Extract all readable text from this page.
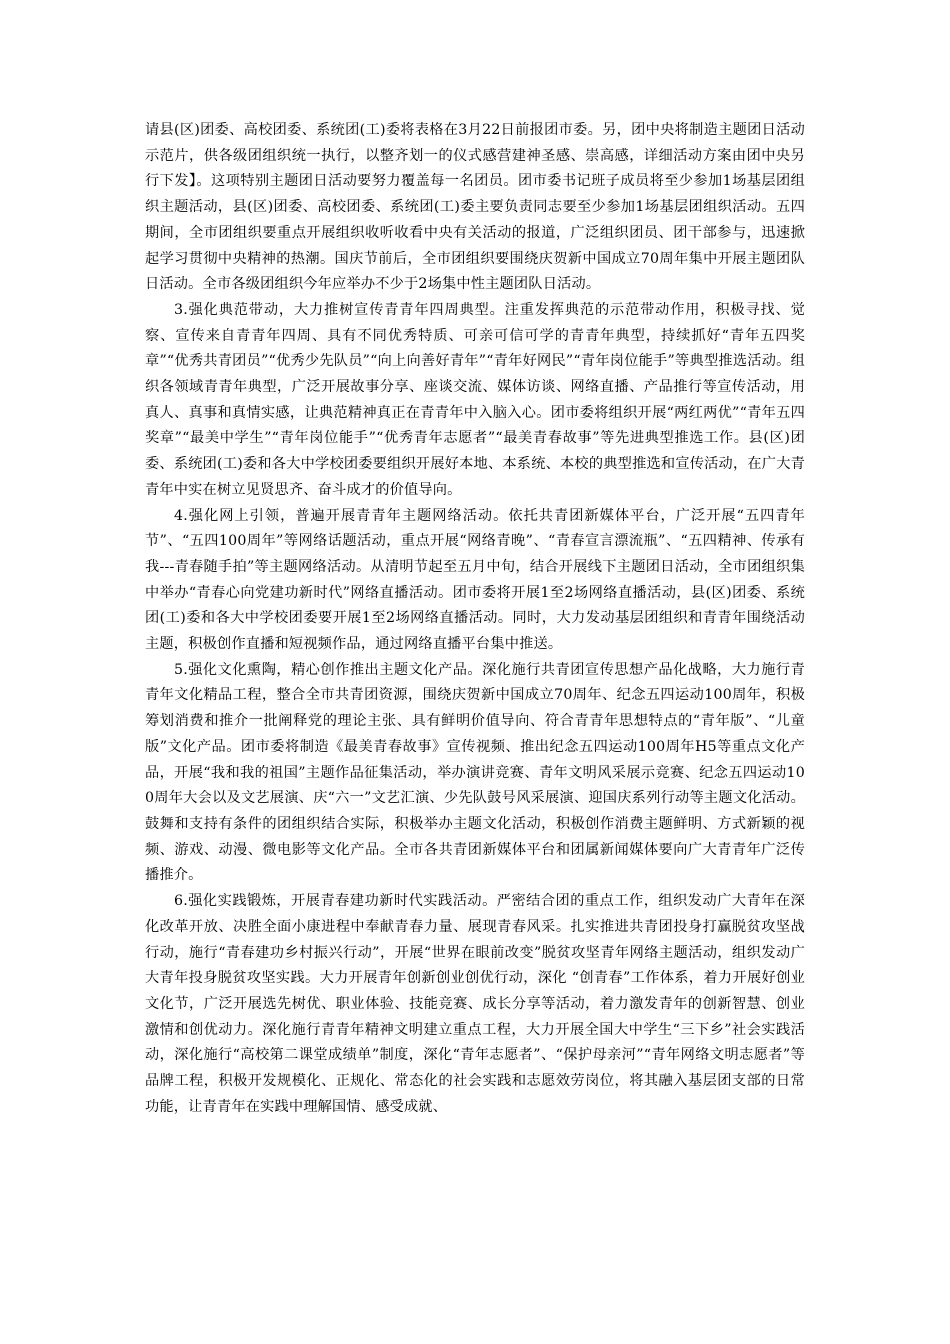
请县(区)团委、高校团委、系统团(工)委将表格在3月22日前报团市委。另，团中央将制造主题团日活动示范片，供各级团组织统一执行，以整齐划一的仪式感营建神圣感、崇高感，详细活动方案由团中央另行下发】。这项特别主题团日活动要努力覆盖每一名团员。团市委书记班子成员将至少参加1场基层团组织主题活动，县(区)团委、高校团委、系统团(工)委主要负责同志要至少参加1场基层团组织活动。五四期间，全市团组织要重点开展组织收听收看中央有关活动的报道，广泛组织团员、团干部参与，迅速掀起学习贯彻中央精神的热潮。国庆节前后，全市团组织要围绕庆贺新中国成立70周年集中开展主题团队日活动。全市各级团组织今年应举办不少于2场集中性主题团队日活动。

3.强化典范带动，大力推树宣传青青年四周典型。注重发挥典范的示范带动作用，积极寻找、觉察、宣传来自青青年四周、具有不同优秀特质、可亲可信可学的青青年典型，持续抓好“青年五四奖章”“优秀共青团员”“优秀少先队员”“向上向善好青年”“青年好网民”“青年岗位能手”等典型推选活动。组织各领域青青年典型，广泛开展故事分享、座谈交流、媒体访谈、网络直播、产品推行等宣传活动，用真人、真事和真情实感，让典范精神真正在青青年中入脑入心。团市委将组织开展“两红两优”“青年五四奖章”“最美中学生”“青年岗位能手”“优秀青年志愿者”“最美青春故事”等先进典型推选工作。县(区)团委、系统团(工)委和各大中学校团委要组织开展好本地、本系统、本校的典型推选和宣传活动，在广大青青年中实在树立见贤思齐、奋斗成才的价值导向。

4.强化网上引领，普遍开展青青年主题网络活动。依托共青团新媒体平台，广泛开展“五四青年节”、“五四100周年”等网络话题活动，重点开展“网络青晚”、“青春宣言漂流瓶”、“五四精神、传承有我---青春随手拍”等主题网络活动。从清明节起至五月中旬，结合开展线下主题团日活动，全市团组织集中举办“青春心向党建功新时代”网络直播活动。团市委将开展1至2场网络直播活动，县(区)团委、系统团(工)委和各大中学校团委要开展1至2场网络直播活动。同时，大力发动基层团组织和青青年围绕活动主题，积极创作直播和短视频作品，通过网络直播平台集中推送。

5.强化文化熏陶，精心创作推出主题文化产品。深化施行共青团宣传思想产品化战略，大力施行青青年文化精品工程，整合全市共青团资源，围绕庆贺新中国成立70周年、纪念五四运动100周年，积极筹划消费和推介一批阐释党的理论主张、具有鲜明价值导向、符合青青年思想特点的“青年版”、“儿童版”文化产品。团市委将制造《最美青春故事》宣传视频、推出纪念五四运动100周年H5等重点文化产品，开展“我和我的祖国”主题作品征集活动，举办演讲竞赛、青年文明风采展示竞赛、纪念五四运动100周年大会以及文艺展演、庆“六一”文艺汇演、少先队鼓号风采展演、迎国庆系列行动等主题文化活动。鼓舞和支持有条件的团组织结合实际，积极举办主题文化活动，积极创作消费主题鲜明、方式新颖的视频、游戏、动漫、微电影等文化产品。全市各共青团新媒体平台和团属新闻媒体要向广大青青年广泛传播推介。

6.强化实践锻炼，开展青春建功新时代实践活动。严密结合团的重点工作，组织发动广大青年在深化改革开放、决胜全面小康进程中奉献青春力量、展现青春风采。扎实推进共青团投身打赢脱贫攻坚战行动，施行“青春建功乡村振兴行动”，开展“世界在眼前改变”脱贫攻坚青年网络主题活动，组织发动广大青年投身脱贫攻坚实践。大力开展青年创新创业创优行动，深化 “创青春”工作体系，着力开展好创业文化节，广泛开展选先树优、职业体验、技能竞赛、成长分享等活动，着力激发青年的创新智慧、创业激情和创优动力。深化施行青青年精神文明建立重点工程，大力开展全国大中学生“三下乡”社会实践活动，深化施行“高校第二课堂成绩单”制度，深化“青年志愿者”、“保护母亲河”“青年网络文明志愿者”等品牌工程，积极开发规模化、正规化、常态化的社会实践和志愿效劳岗位，将其融入基层团支部的日常功能，让青青年在实践中理解国情、感受成就、
